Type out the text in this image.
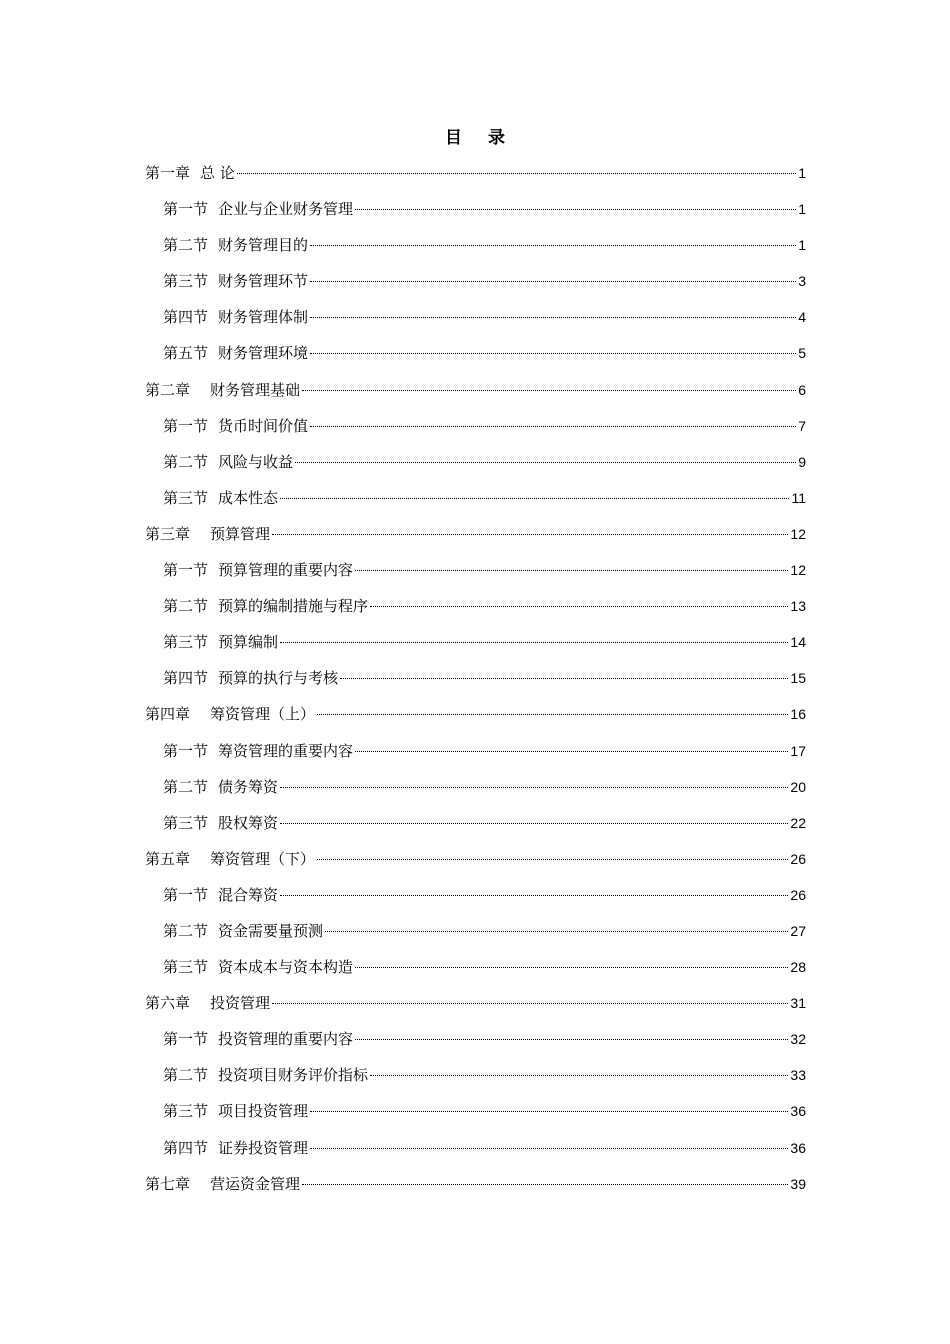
目 录
第一章 总 论	1
第一节 企业与企业财务管理	1
第二节 财务管理目的	1
第三节 财务管理环节	3
第四节 财务管理体制	4
第五节 财务管理环境	5
第二章 财务管理基础	6
第一节 货币时间价值	7
第二节 风险与收益	9
第三节 成本性态	11
第三章 预算管理	12
第一节 预算管理的重要内容	12
第二节 预算的编制措施与程序	13
第三节 预算编制	14
第四节 预算的执行与考核	15
第四章 筹资管理（上）	16
第一节 筹资管理的重要内容	17
第二节 债务筹资	20
第三节 股权筹资	22
第五章 筹资管理（下）	26
第一节 混合筹资	26
第二节 资金需要量预测	27
第三节 资本成本与资本构造	28
第六章 投资管理	31
第一节 投资管理的重要内容	32
第二节 投资项目财务评价指标	33
第三节 项目投资管理	36
第四节 证券投资管理	36
第七章 营运资金管理	39
